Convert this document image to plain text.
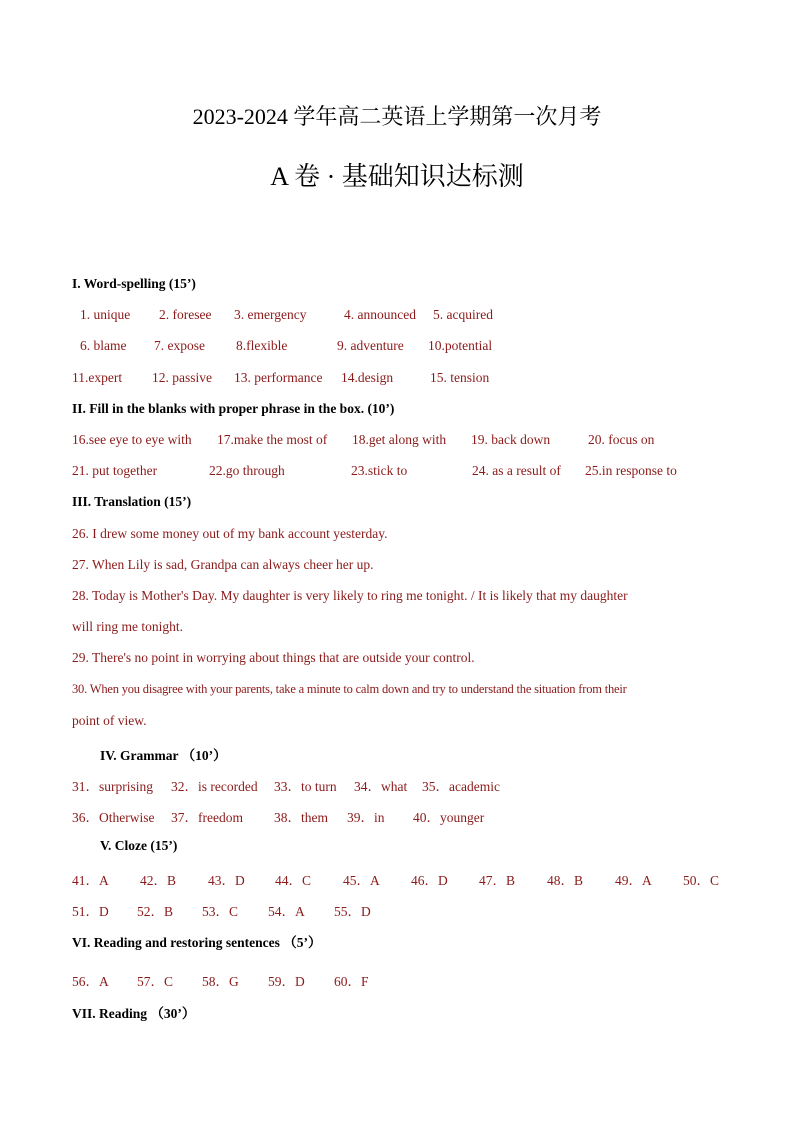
2023-2024 学年高二英语上学期第一次月考
A 卷 · 基础知识达标测
I. Word-spelling (15’)
1. unique 2. foresee 3. emergency	4. announced 5. acquired
6. blame 7. expose 8.flexible	9. adventure 10.potential
11.expert 12. passive 13. performance 14.design	15. tension
II. Fill in the blanks with proper phrase in the box. (10’)
16.see eye to eye with 17.make the most of 18.get along with 19. back down	20. focus on
21. put together	22.go through	23.stick to	24. as a result of 25.in response to
III. Translation (15’)
26. I drew some money out of my bank account yesterday.
27. When Lily is sad, Grandpa can always cheer her up.
28. Today is Mother's Day. My daughter is very likely to ring me tonight. / It is likely that my daughter
will ring me tonight.
29. There's no point in worrying about things that are outside your control.
30. When you disagree with your parents, take a minute to calm down and try to understand the situation from their
point of view.
IV. Grammar （10’）
31．surprising 32．is recorded 33．to turn 34．what 35．academic
36．Otherwise 37．freedom 38．them 39．in 40．younger
V. Cloze (15’)
41．A 42．B 43．D 44．C 45．A 46．D 47．B 48．B 49．A 50．C
51．D 52．B 53．C 54．A 55．D
VI. Reading and restoring sentences （5’）
56．A 57．C 58．G 59．D 60．F
VII. Reading （30’）
